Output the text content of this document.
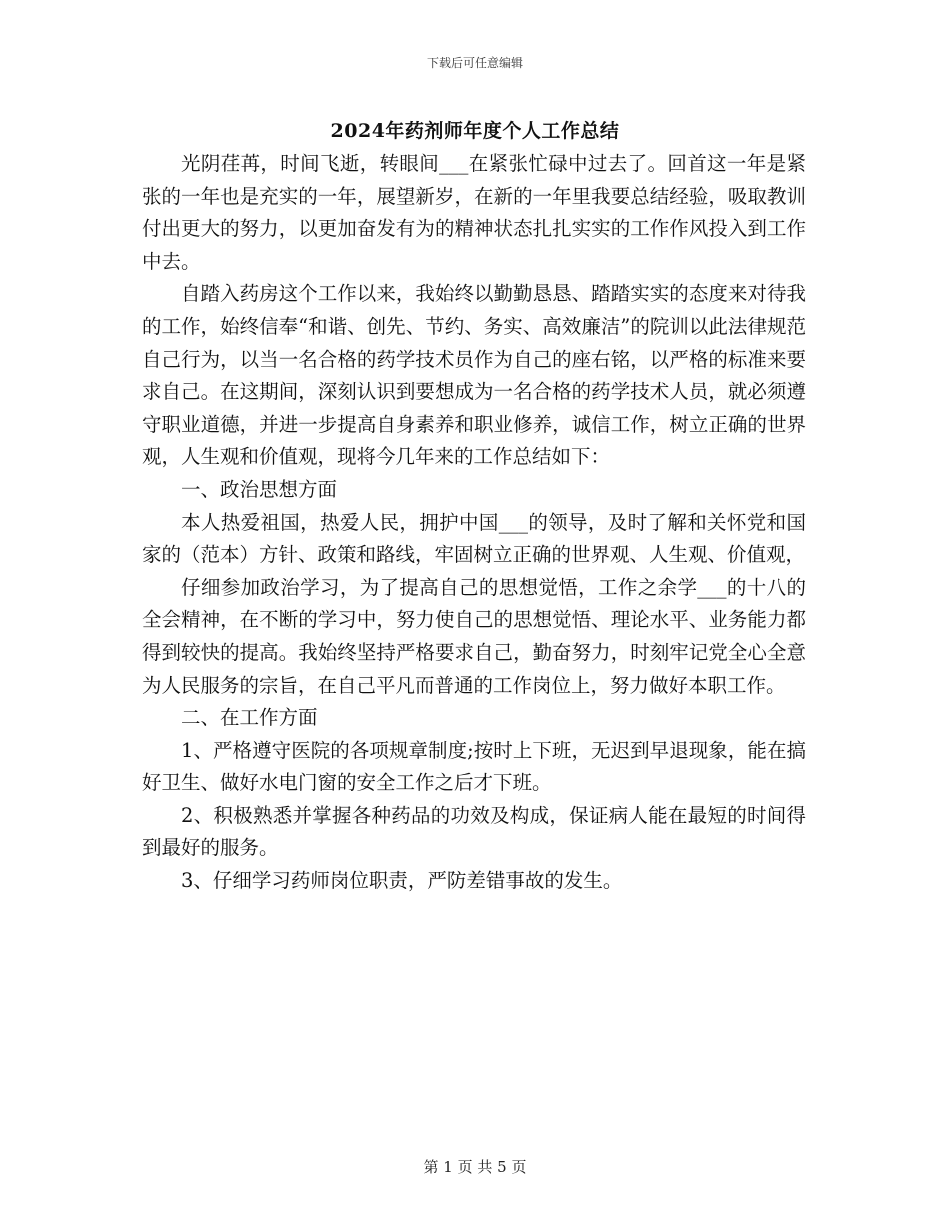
下载后可任意编辑
2024年药剂师年度个人工作总结

光阴荏苒，时间飞逝，转眼间___在紧张忙碌中过去了。回首这一年是紧张的一年也是充实的一年，展望新岁，在新的一年里我要总结经验，吸取教训付出更大的努力，以更加奋发有为的精神状态扎扎实实的工作作风投入到工作中去。

自踏入药房这个工作以来，我始终以勤勤恳恳、踏踏实实的态度来对待我的工作，始终信奉“和谐、创先、节约、务实、高效廉洁”的院训以此法律规范自己行为，以当一名合格的药学技术员作为自己的座右铭，以严格的标准来要求自己。在这期间，深刻认识到要想成为一名合格的药学技术人员，就必须遵守职业道德，并进一步提高自身素养和职业修养，诚信工作，树立正确的世界观，人生观和价值观，现将今几年来的工作总结如下：

一、政治思想方面

本人热爱祖国，热爱人民，拥护中国___的领导，及时了解和关怀党和国家的（范本）方针、政策和路线，牢固树立正确的世界观、人生观、价值观，

仔细参加政治学习，为了提高自己的思想觉悟，工作之余学___的十八的全会精神，在不断的学习中，努力使自己的思想觉悟、理论水平、业务能力都得到较快的提高。我始终坚持严格要求自己，勤奋努力，时刻牢记党全心全意为人民服务的宗旨，在自己平凡而普通的工作岗位上，努力做好本职工作。

二、在工作方面

1、严格遵守医院的各项规章制度;按时上下班，无迟到早退现象，能在搞好卫生、做好水电门窗的安全工作之后才下班。

2、积极熟悉并掌握各种药品的功效及构成，保证病人能在最短的时间得到最好的服务。

3、仔细学习药师岗位职责，严防差错事故的发生。

第 1 页 共 5 页
